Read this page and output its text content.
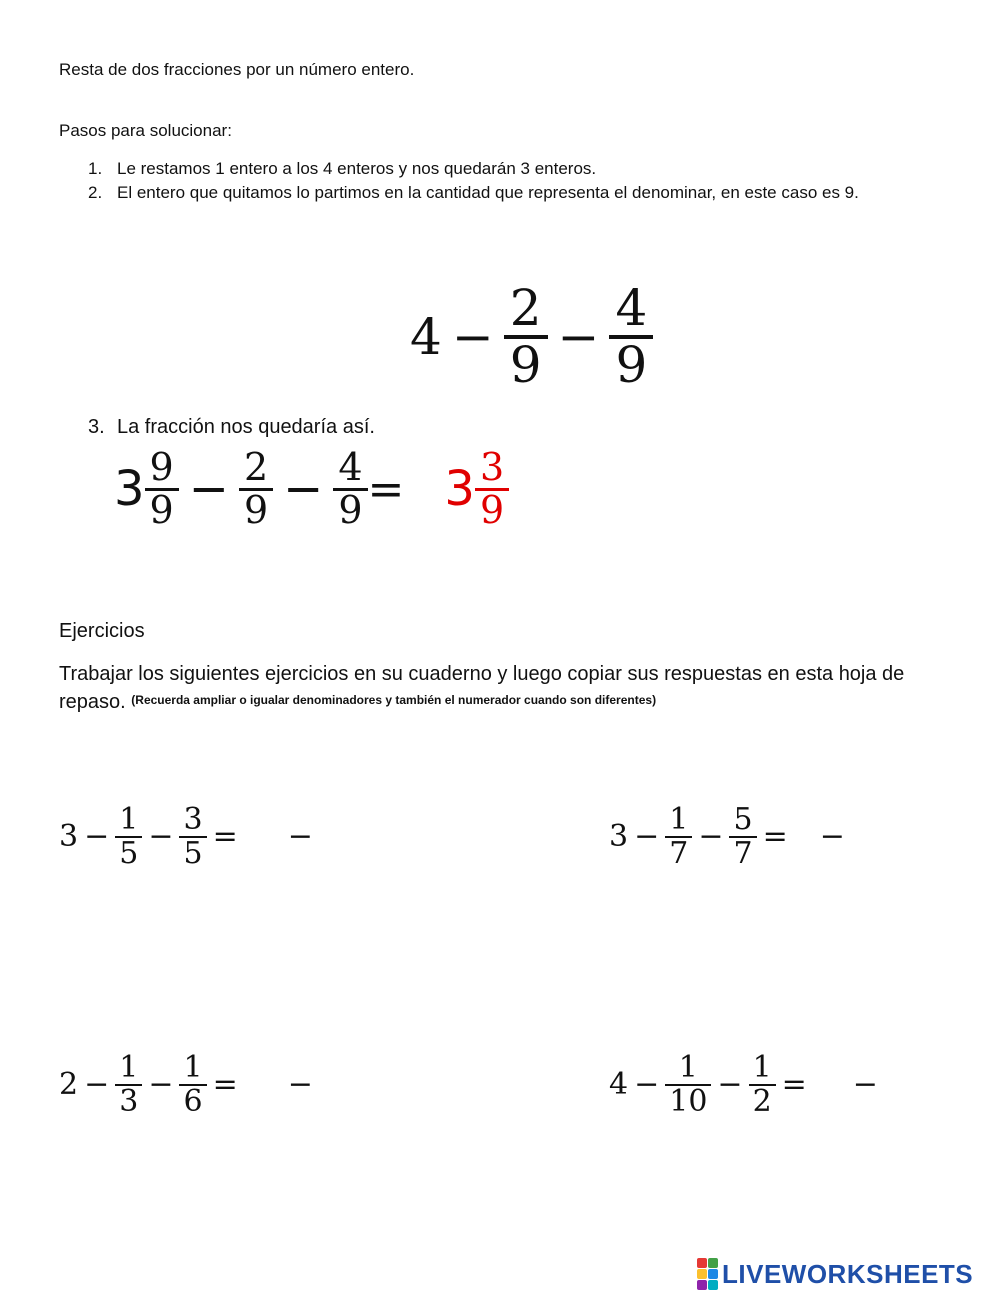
Resta de dos fracciones por un número entero.
Pasos para solucionar:
1. Le restamos 1 entero a los 4 enteros y nos quedarán 3 enteros.
2. El entero que quitamos lo partimos en la cantidad que representa el denominar, en este caso es 9.
$4 - \frac{2}{9} - \frac{4}{9}$
3. La fracción nos quedaría así.
$3 \frac{9}{9} - \frac{2}{9} - \frac{4}{9} = 3 \frac{3}{9}$
Ejercicios
Trabajar los siguientes ejercicios en su cuaderno y luego copiar sus respuestas en esta hoja de repaso. $^{(Recuerda ampliar o igualar denominadores y también el numerador cuando son diferentes)}$
$3 - \frac{1}{5} - \frac{3}{5}$ = −	$3 - \frac{1}{7} - \frac{5}{7}$ = −
$2 - \frac{1}{3} - \frac{1}{6}$ = −	$4 - \frac{1}{10} - \frac{1}{2}$ = −
LIVEWORKSHEETS
